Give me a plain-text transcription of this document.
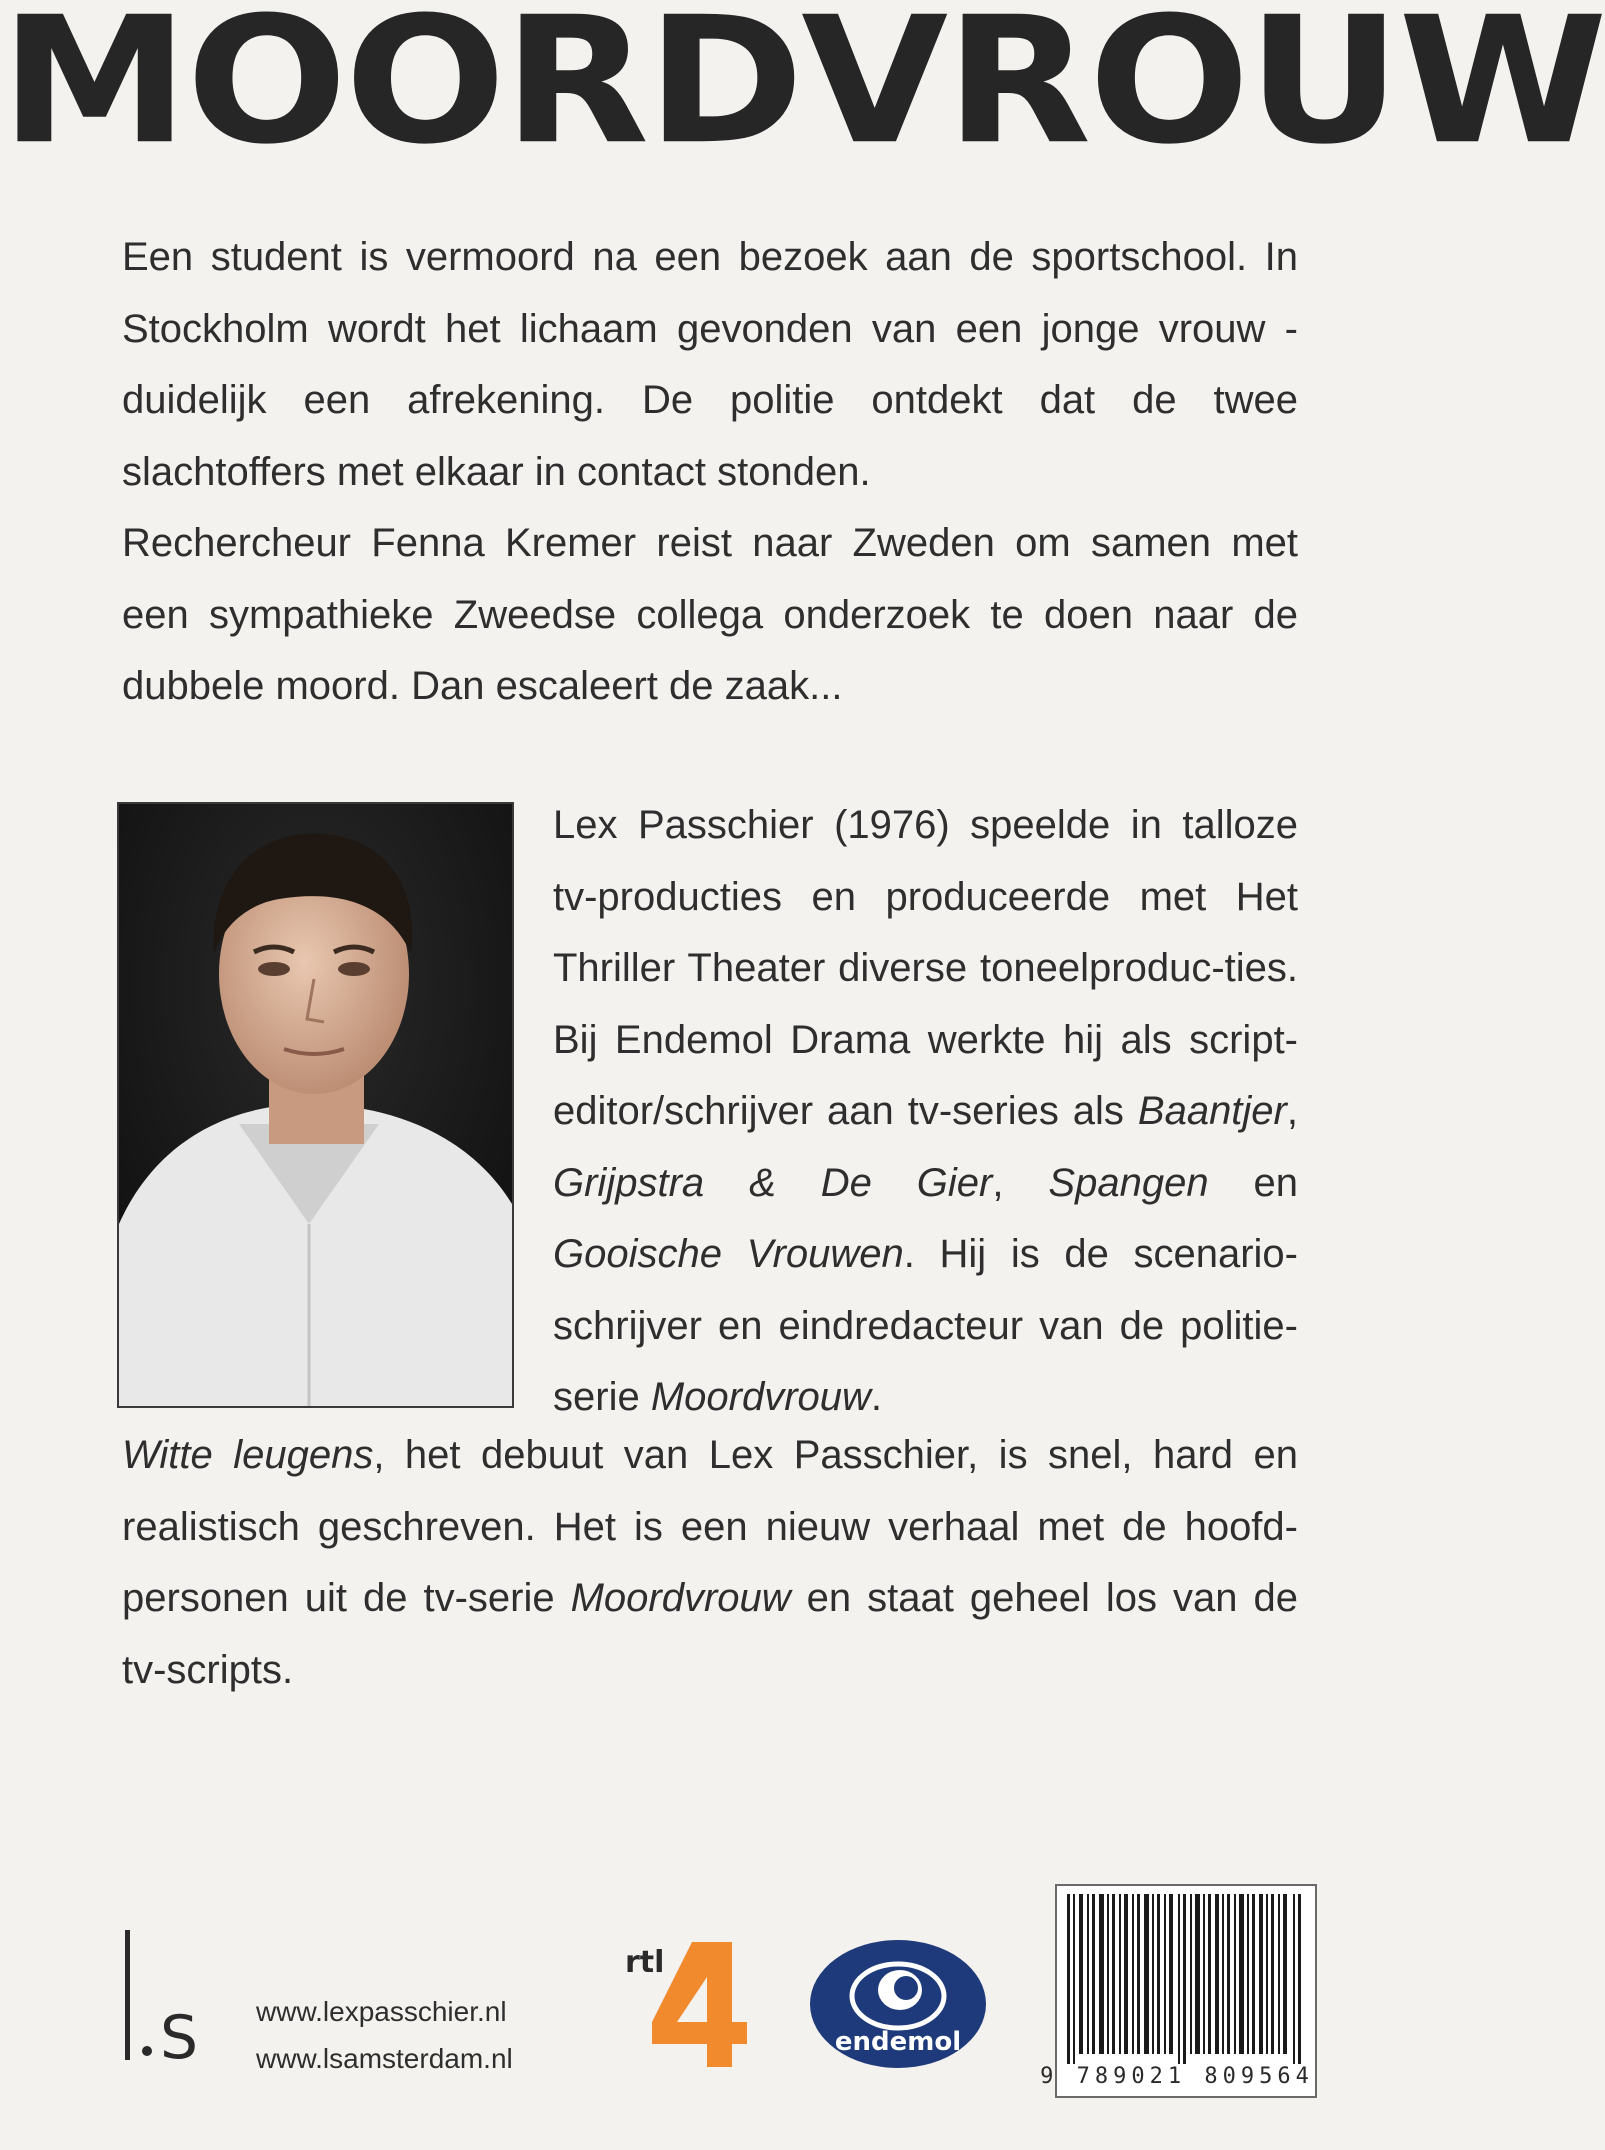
MOORDVROUW

Een student is vermoord na een bezoek aan de sportschool. In Stockholm wordt het lichaam gevonden van een jonge vrouw - duidelijk een afrekening. De politie ontdekt dat de twee slachtoffers met elkaar in contact stonden.

Rechercheur Fenna Kremer reist naar Zweden om samen met een sympathieke Zweedse collega onderzoek te doen naar de dubbele moord. Dan escaleert de zaak...

Lex Passchier (1976) speelde in talloze tv-producties en produceerde met Het Thriller Theater diverse toneelproduc-ties. Bij Endemol Drama werkte hij als script-editor/schrijver aan tv-series als Baantjer, Grijpstra & De Gier, Spangen en Gooische Vrouwen. Hij is de scenario-schrijver en eindredacteur van de politie-serie Moordvrouw.
Witte leugens, het debuut van Lex Passchier, is snel, hard en realistisch geschreven. Het is een nieuw verhaal met de hoofd-personen uit de tv-serie Moordvrouw en staat geheel los van de tv-scripts.
S www.lexpasschier.nl
www.lsamsterdam.nl
rtl
endemol
9 789021 809564
